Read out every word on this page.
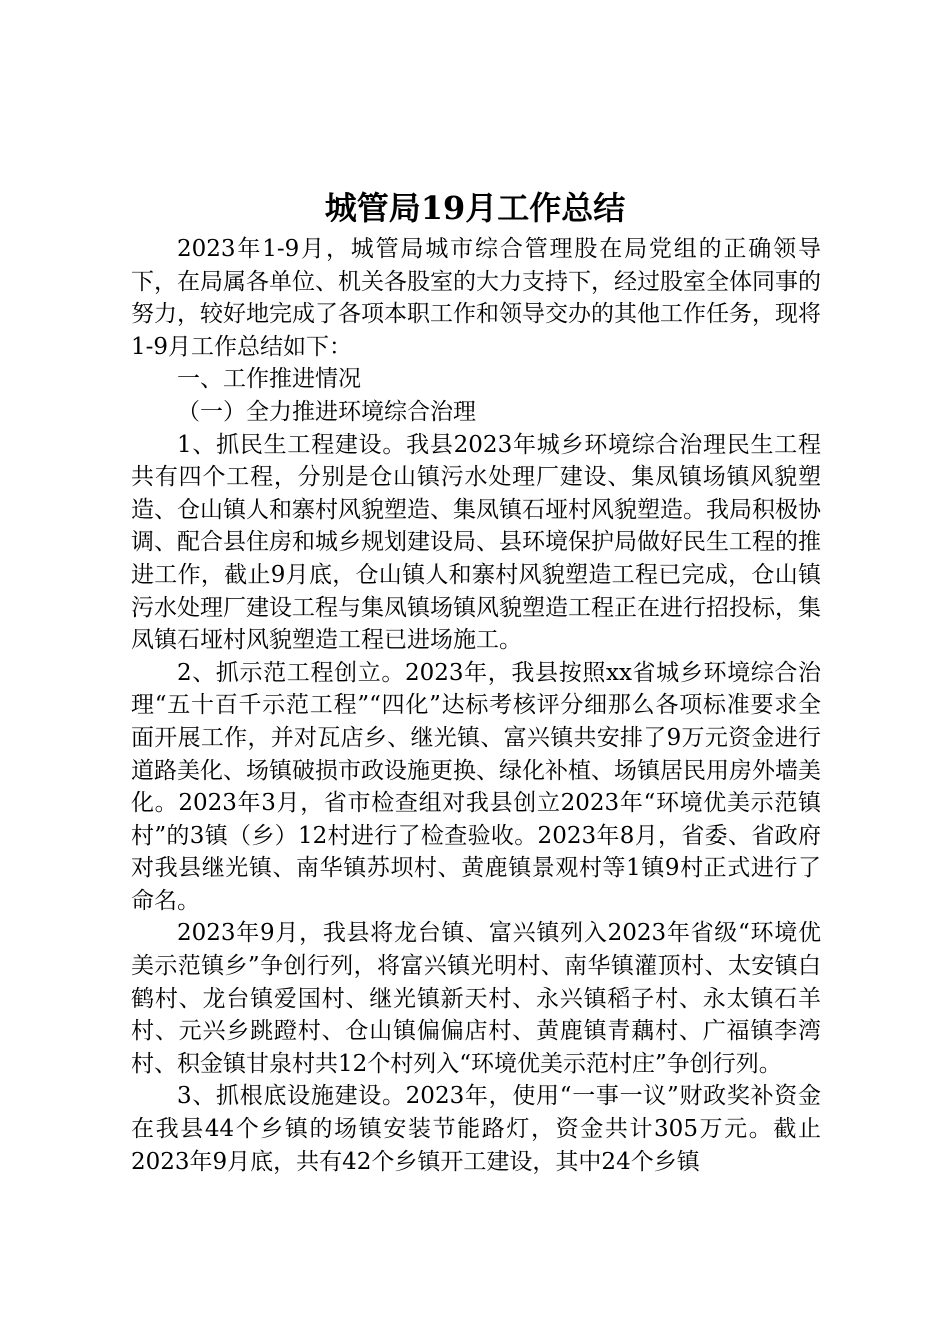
城管局19月工作总结

2023年1-9月，城管局城市综合管理股在局党组的正确领导下，在局属各单位、机关各股室的大力支持下，经过股室全体同事的努力，较好地完成了各项本职工作和领导交办的其他工作任务，现将1-9月工作总结如下：

一、工作推进情况

（一）全力推进环境综合治理

1、抓民生工程建设。我县2023年城乡环境综合治理民生工程共有四个工程，分别是仓山镇污水处理厂建设、集凤镇场镇风貌塑造、仓山镇人和寨村风貌塑造、集凤镇石垭村风貌塑造。我局积极协调、配合县住房和城乡规划建设局、县环境保护局做好民生工程的推进工作，截止9月底，仓山镇人和寨村风貌塑造工程已完成，仓山镇污水处理厂建设工程与集凤镇场镇风貌塑造工程正在进行招投标，集凤镇石垭村风貌塑造工程已进场施工。

2、抓示范工程创立。2023年，我县按照xx省城乡环境综合治理“五十百千示范工程”“四化”达标考核评分细那么各项标准要求全面开展工作，并对瓦店乡、继光镇、富兴镇共安排了9万元资金进行道路美化、场镇破损市政设施更换、绿化补植、场镇居民用房外墙美化。2023年3月，省市检查组对我县创立2023年“环境优美示范镇村”的3镇（乡）12村进行了检查验收。2023年8月，省委、省政府对我县继光镇、南华镇苏坝村、黄鹿镇景观村等1镇9村正式进行了命名。

2023年9月，我县将龙台镇、富兴镇列入2023年省级“环境优美示范镇乡”争创行列，将富兴镇光明村、南华镇灌顶村、太安镇白鹤村、龙台镇爱国村、继光镇新天村、永兴镇稻子村、永太镇石羊村、元兴乡跳蹬村、仓山镇偏偏店村、黄鹿镇青藕村、广福镇李湾村、积金镇甘泉村共12个村列入“环境优美示范村庄”争创行列。

3、抓根底设施建设。2023年，使用“一事一议”财政奖补资金在我县44个乡镇的场镇安装节能路灯，资金共计305万元。截止2023年9月底，共有42个乡镇开工建设，其中24个乡镇
